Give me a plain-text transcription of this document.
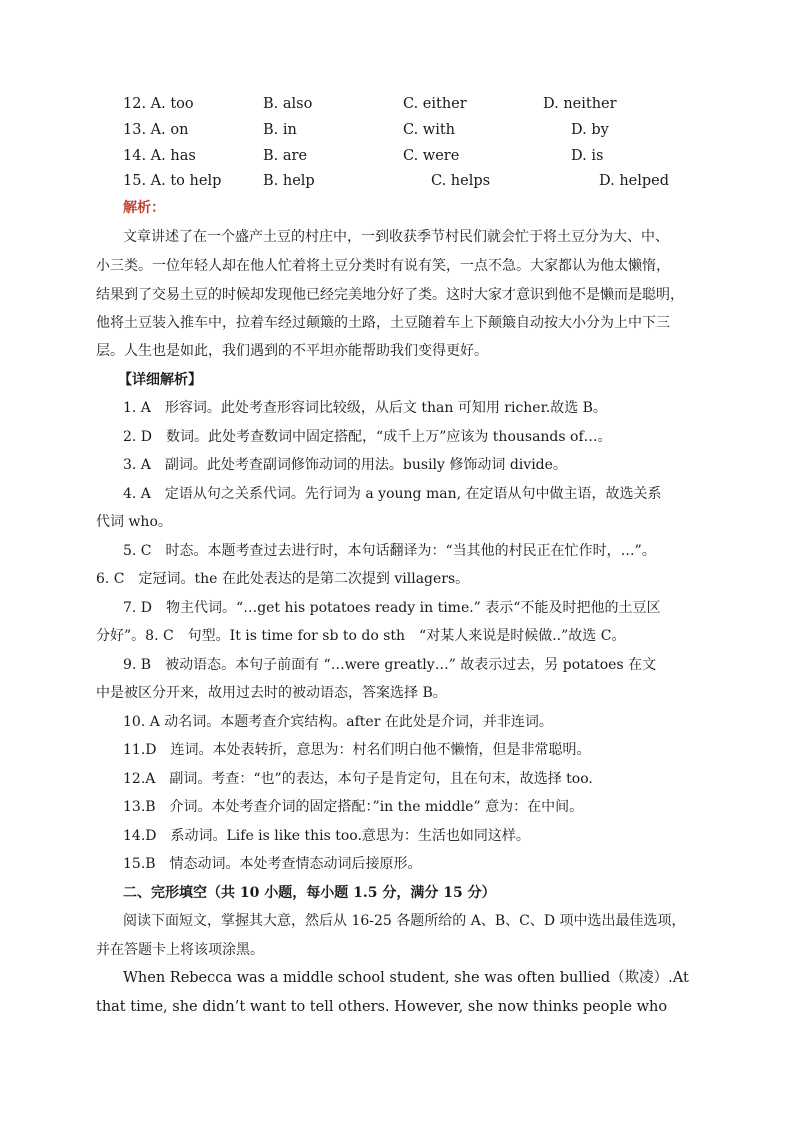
12. A. too	B. also	C. either	D. neither
13. A. on	B. in	C. with	D. by
14. A. has	B. are	C. were	D. is
15. A. to help	B. help	C. helps	D. helped
解析：
文章讲述了在一个盛产土豆的村庄中，一到收获季节村民们就会忙于将土豆分为大、中、
小三类。一位年轻人却在他人忙着将土豆分类时有说有笑，一点不急。大家都认为他太懒惰，
结果到了交易土豆的时候却发现他已经完美地分好了类。这时大家才意识到他不是懒而是聪明，
他将土豆装入推车中，拉着车经过颠簸的土路，土豆随着车上下颠簸自动按大小分为上中下三
层。人生也是如此，我们遇到的不平坦亦能帮助我们变得更好。
【详细解析】
1. A　形容词。此处考查形容词比较级，从后文 than 可知用 richer.故选 B。
2. D　数词。此处考查数词中固定搭配，“成千上万”应该为 thousands of…。
3. A　副词。此处考查副词修饰动词的用法。busily 修饰动词 divide。
4. A　定语从句之关系代词。先行词为 a young man, 在定语从句中做主语，故选关系
代词 who。
5. C　时态。本题考查过去进行时，本句话翻译为：“当其他的村民正在忙作时，…”。
6. C　定冠词。the 在此处表达的是第二次提到 villagers。
7. D　物主代词。“…get his potatoes ready in time.” 表示“不能及时把他的土豆区
分好”。8. C　句型。It is time for sb to do sth　“对某人来说是时候做..”故选 C。
9. B　被动语态。本句子前面有 “…were greatly…” 故表示过去，另 potatoes 在文
中是被区分开来，故用过去时的被动语态，答案选择 B。
10. A 动名词。本题考查介宾结构。after 在此处是介词，并非连词。
11.D　连词。本处表转折，意思为：村名们明白他不懒惰，但是非常聪明。
12.A　副词。考查：“也”的表达，本句子是肯定句，且在句末，故选择 too.
13.B　介词。本处考查介词的固定搭配：”in the middle” 意为：在中间。
14.D　系动词。Life is like this too.意思为：生活也如同这样。
15.B　情态动词。本处考查情态动词后接原形。
二、完形填空（共 10 小题，每小题 1.5 分，满分 15 分）
阅读下面短文，掌握其大意，然后从 16-25 各题所给的 A、B、C、D 项中选出最佳选项，
并在答题卡上将该项涂黑。
When Rebecca was a middle school student, she was often bullied（欺凌）.At
that time, she didn’t want to tell others. However, she now thinks people who
